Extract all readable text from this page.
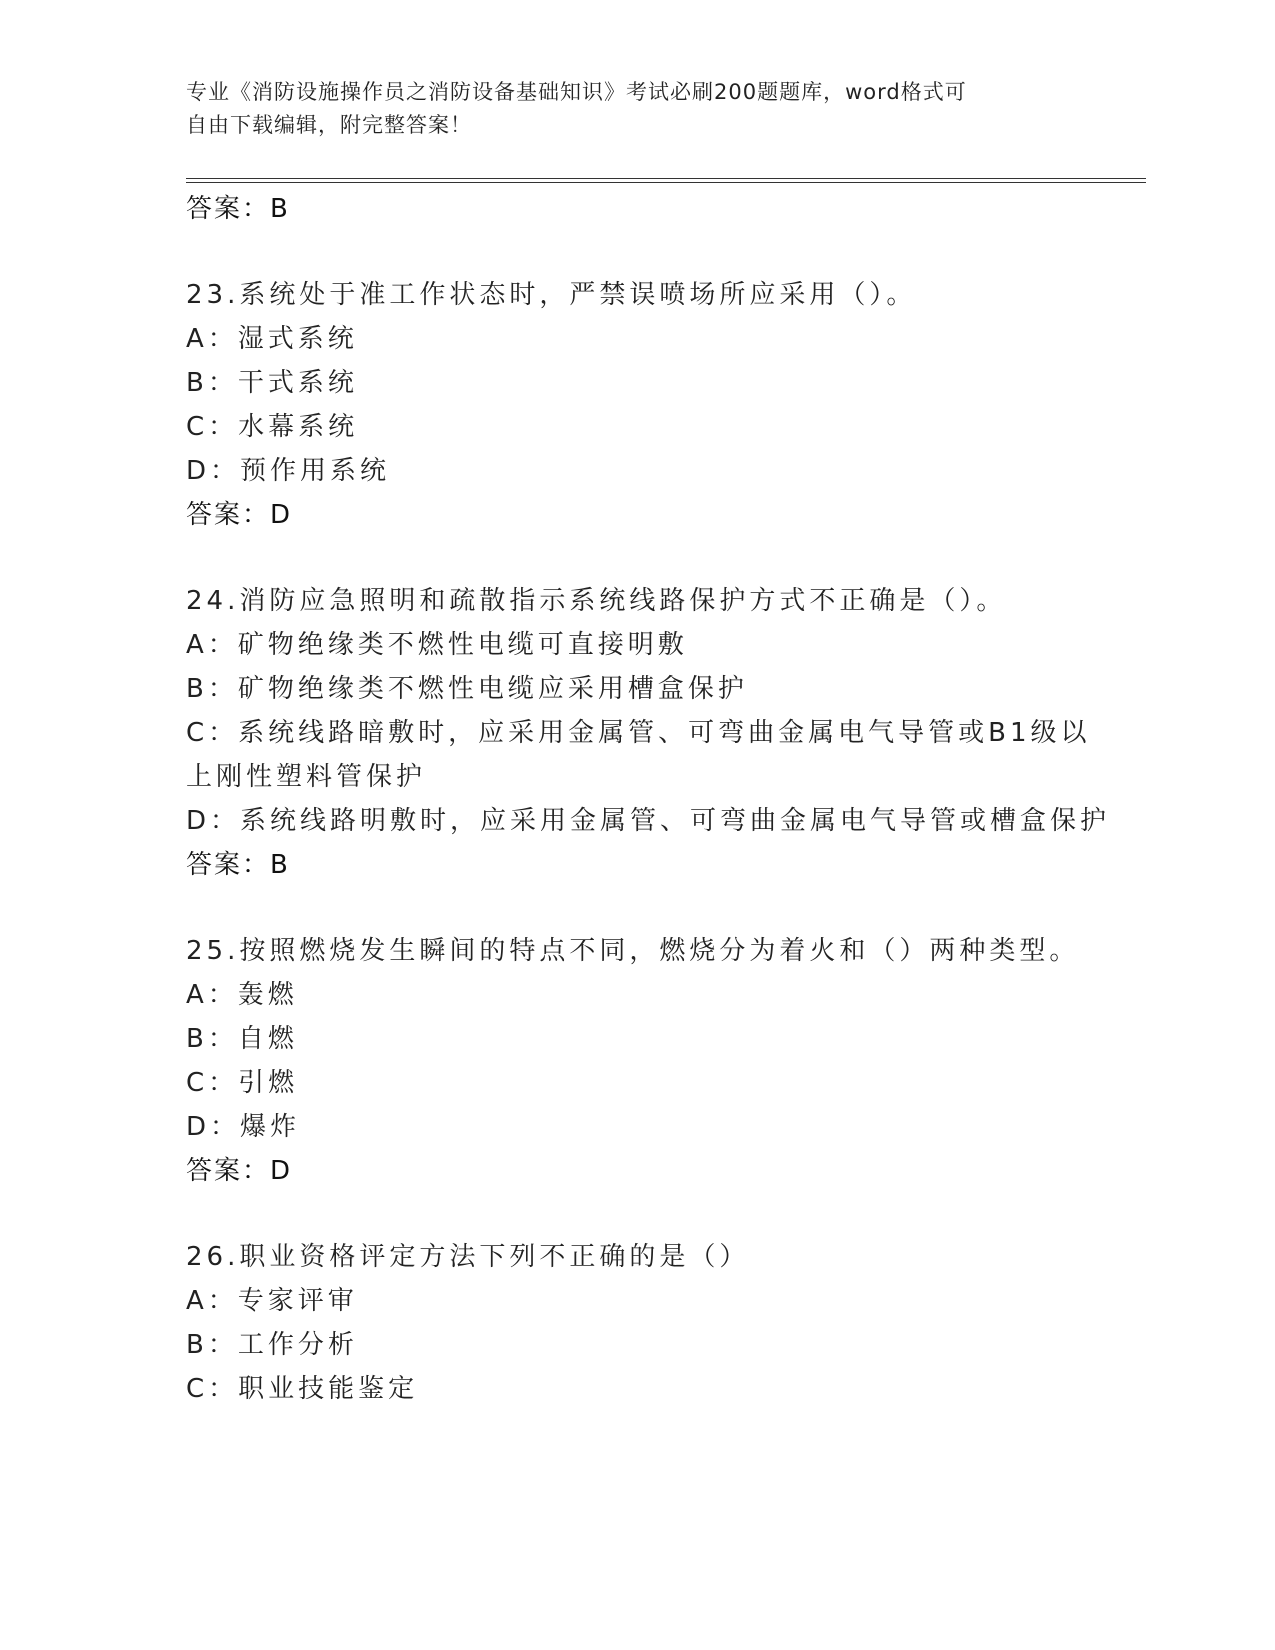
专业《消防设施操作员之消防设备基础知识》考试必刷200题题库，word格式可
自由下载编辑，附完整答案！
答案：B
23.系统处于准工作状态时，严禁误喷场所应采用（）。
A：湿式系统
B：干式系统
C：水幕系统
D：预作用系统
答案：D
24.消防应急照明和疏散指示系统线路保护方式不正确是（）。
A：矿物绝缘类不燃性电缆可直接明敷
B：矿物绝缘类不燃性电缆应采用槽盒保护
C：系统线路暗敷时，应采用金属管、可弯曲金属电气导管或B1级以
上刚性塑料管保护
D：系统线路明敷时，应采用金属管、可弯曲金属电气导管或槽盒保护
答案：B
25.按照燃烧发生瞬间的特点不同，燃烧分为着火和（）两种类型。
A：轰燃
B：自燃
C：引燃
D：爆炸
答案：D
26.职业资格评定方法下列不正确的是（）
A：专家评审
B：工作分析
C：职业技能鉴定
